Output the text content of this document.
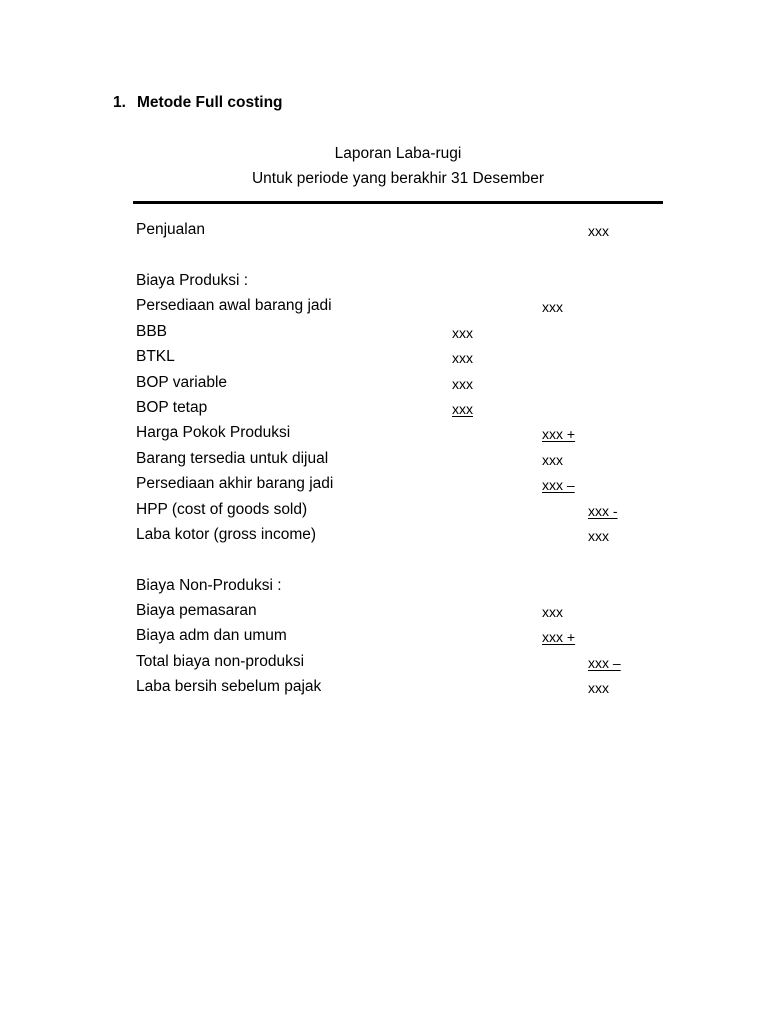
1. Metode Full costing
Laporan Laba-rugi
Untuk periode yang berakhir 31 Desember
Penjualan	xxx
Biaya Produksi :
Persediaan awal barang jadi	xxx
BBB	xxx
BTKL	xxx
BOP variable	xxx
BOP tetap	xxx
Harga Pokok Produksi	xxx +
Barang tersedia untuk dijual	xxx
Persediaan akhir barang jadi	xxx –
HPP (cost of goods sold)	xxx -
Laba kotor (gross income)	xxx
Biaya Non-Produksi :
Biaya pemasaran	xxx
Biaya adm dan umum	xxx +
Total biaya non-produksi	xxx –
Laba bersih sebelum pajak	xxx
